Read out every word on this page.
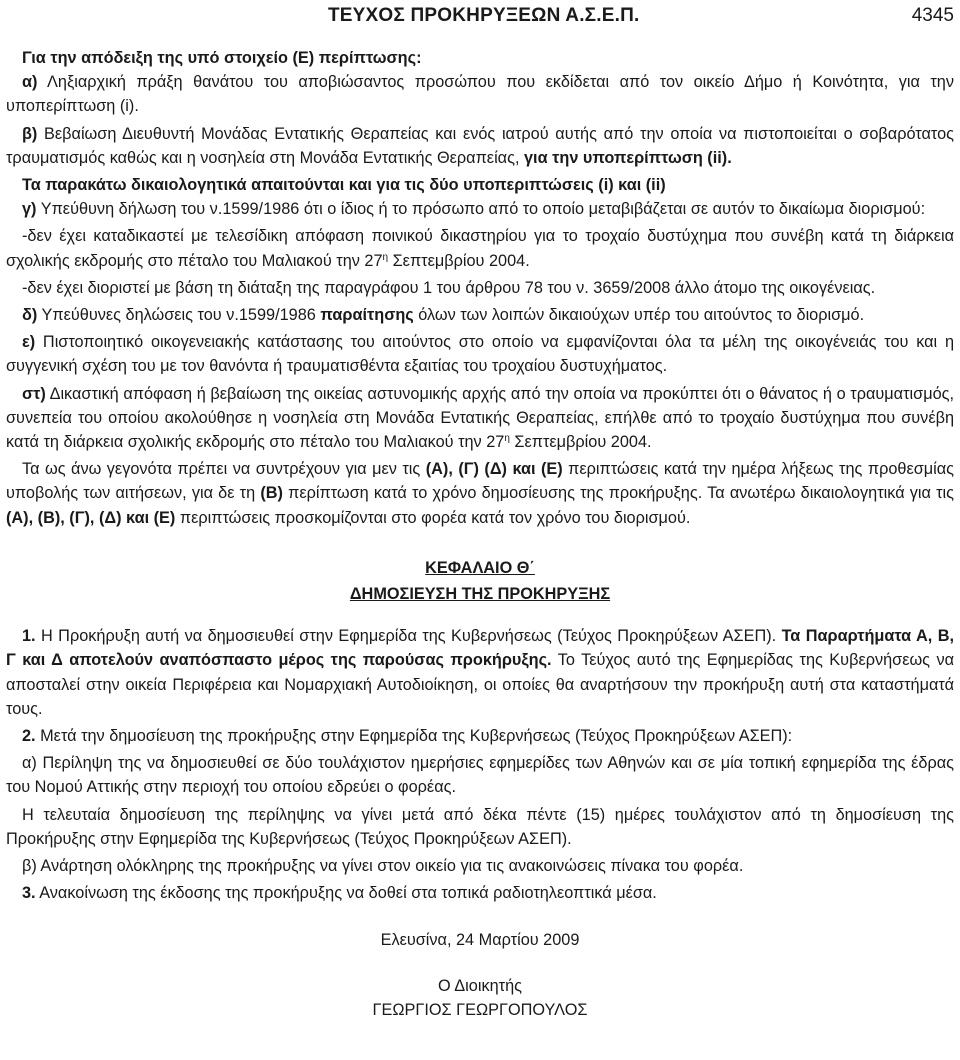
ΤΕΥΧΟΣ ΠΡΟΚΗΡΥΞΕΩΝ Α.Σ.Ε.Π.	4345

Για την απόδειξη της υπό στοιχείο (Ε) περίπτωσης:

α) Ληξιαρχική πράξη θανάτου του αποβιώσαντος προσώπου που εκδίδεται από τον οικείο Δήμο ή Κοινότητα, για την υποπερίπτωση (i).

β) Βεβαίωση Διευθυντή Μονάδας Εντατικής Θεραπείας και ενός ιατρού αυτής από την οποία να πιστοποιείται ο σοβαρότατος τραυματισμός καθώς και η νοσηλεία στη Μονάδα Εντατικής Θεραπείας, για την υποπερίπτωση (ii).

Τα παρακάτω δικαιολογητικά απαιτούνται και για τις δύο υποπεριπτώσεις (i) και (ii)

γ) Υπεύθυνη δήλωση του ν.1599/1986 ότι ο ίδιος ή το πρόσωπο από το οποίο μεταβιβάζεται σε αυτόν το δικαίωμα διορισμού:

-δεν έχει καταδικαστεί με τελεσίδικη απόφαση ποινικού δικαστηρίου για το τροχαίο δυστύχημα που συνέβη κατά τη διάρκεια σχολικής εκδρομής στο πέταλο του Μαλιακού την $27^\eta$ Σεπτεμβρίου 2004.

-δεν έχει διοριστεί με βάση τη διάταξη της παραγράφου 1 του άρθρου 78 του ν. 3659/2008 άλλο άτομο της οικογένειας.

δ) Υπεύθυνες δηλώσεις του ν.1599/1986 παραίτησης όλων των λοιπών δικαιούχων υπέρ του αιτούντος το διορισμό.

ε) Πιστοποιητικό οικογενειακής κατάστασης του αιτούντος στο οποίο να εμφανίζονται όλα τα μέλη της οικογένειάς του και η συγγενική σχέση του με τον θανόντα ή τραυματισθέντα εξαιτίας του τροχαίου δυστυχήματος.

στ) Δικαστική απόφαση ή βεβαίωση της οικείας αστυνομικής αρχής από την οποία να προκύπτει ότι ο θάνατος ή ο τραυματισμός, συνεπεία του οποίου ακολούθησε η νοσηλεία στη Μονάδα Εντατικής Θεραπείας, επήλθε από το τροχαίο δυστύχημα που συνέβη κατά τη διάρκεια σχολικής εκδρομής στο πέταλο του Μαλιακού την $27^\eta$ Σεπτεμβρίου 2004.

Τα ως άνω γεγονότα πρέπει να συντρέχουν για μεν τις (Α), (Γ) (Δ) και (Ε) περιπτώσεις κατά την ημέρα λήξεως της προθεσμίας υποβολής των αιτήσεων, για δε τη (Β) περίπτωση κατά το χρόνο δημοσίευσης της προκήρυξης. Τα ανωτέρω δικαιολογητικά για τις (Α), (Β), (Γ), (Δ) και (Ε) περιπτώσεις προσκομίζονται στο φορέα κατά τον χρόνο του διορισμού.

ΚΕΦΑΛΑΙΟ Θ΄
ΔΗΜΟΣΙΕΥΣΗ ΤΗΣ ΠΡΟΚΗΡΥΞΗΣ

1. Η Προκήρυξη αυτή να δημοσιευθεί στην Εφημερίδα της Κυβερνήσεως (Τεύχος Προκηρύξεων ΑΣΕΠ). Τα Παραρτήματα Α, Β, Γ και Δ αποτελούν αναπόσπαστο μέρος της παρούσας προκήρυξης. Το Τεύχος αυτό της Εφημερίδας της Κυβερνήσεως να αποσταλεί στην οικεία Περιφέρεια και Νομαρχιακή Αυτοδιοίκηση, οι οποίες θα αναρτήσουν την προκήρυξη αυτή στα καταστήματά τους.

2. Μετά την δημοσίευση της προκήρυξης στην Εφημερίδα της Κυβερνήσεως (Τεύχος Προκηρύξεων ΑΣΕΠ):

α) Περίληψη της να δημοσιευθεί σε δύο τουλάχιστον ημερήσιες εφημερίδες των Αθηνών και σε μία τοπική εφημερίδα της έδρας του Νομού Αττικής στην περιοχή του οποίου εδρεύει ο φορέας.

Η τελευταία δημοσίευση της περίληψης να γίνει μετά από δέκα πέντε (15) ημέρες τουλάχιστον από τη δημοσίευση της Προκήρυξης στην Εφημερίδα της Κυβερνήσεως (Τεύχος Προκηρύξεων ΑΣΕΠ).

β) Ανάρτηση ολόκληρης της προκήρυξης να γίνει στον οικείο για τις ανακοινώσεις πίνακα του φορέα.

3. Ανακοίνωση της έκδοσης της προκήρυξης να δοθεί στα τοπικά ραδιοτηλεοπτικά μέσα.

Ελευσίνα, 24 Μαρτίου 2009
Ο Διοικητής
ΓΕΩΡΓΙΟΣ ΓΕΩΡΓΟΠΟΥΛΟΣ
